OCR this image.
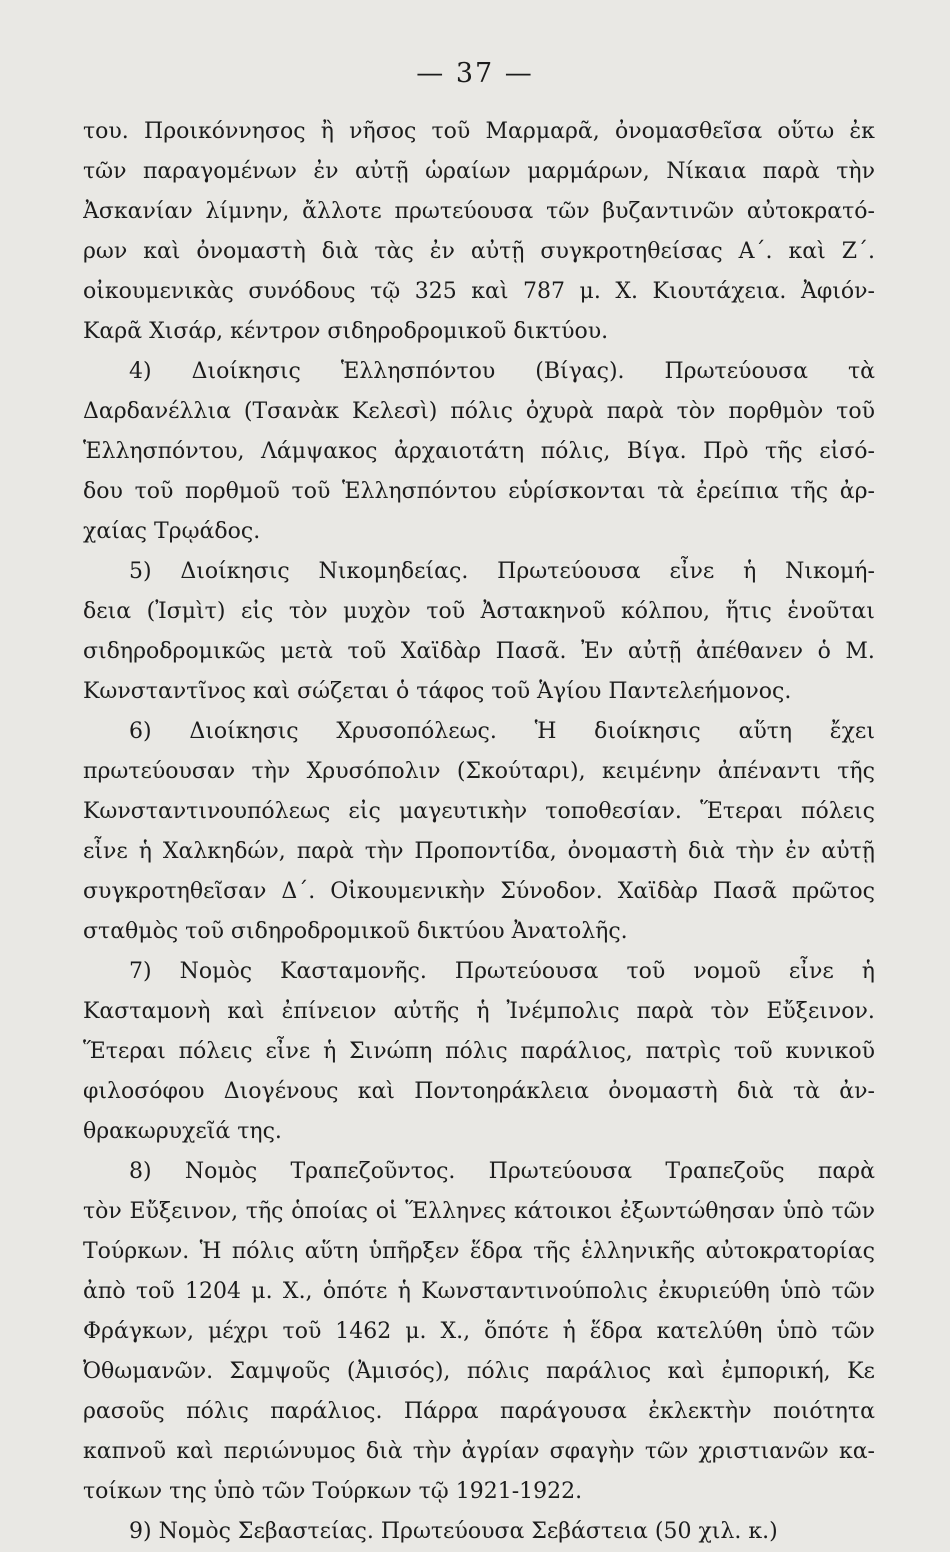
— 37 —
του. Προικόννησος ἢ νῆσος τοῦ Μαρμαρᾶ, ὀνομασθεῖσα οὕτω ἐκ
τῶν παραγομένων ἐν αὐτῇ ὡραίων μαρμάρων, Νίκαια παρὰ τὴν
Ἀσκανίαν λίμνην, ἄλλοτε πρωτεύουσα τῶν βυζαντινῶν αὐτοκρατό-
ρων καὶ ὀνομαστὴ διὰ τὰς ἐν αὐτῇ συγκροτηθείσας Α΄. καὶ Ζ΄.
οἰκουμενικὰς συνόδους τῷ 325 καὶ 787 μ. Χ. Κιουτάχεια. Ἀφιόν-
Καρᾶ Χισάρ, κέντρον σιδηροδρομικοῦ δικτύου.
4) Διοίκησις Ἑλλησπόντου (Βίγας). Πρωτεύουσα τὰ
Δαρδανέλλια (Τσανὰκ Κελεσὶ) πόλις ὀχυρὰ παρὰ τὸν πορθμὸν τοῦ
Ἑλλησπόντου, Λάμψακος ἀρχαιοτάτη πόλις, Βίγα. Πρὸ τῆς εἰσό-
δου τοῦ πορθμοῦ τοῦ Ἑλλησπόντου εὑρίσκονται τὰ ἐρείπια τῆς ἀρ-
χαίας Τρῳάδος.
5) Διοίκησις Νικομηδείας. Πρωτεύουσα εἶνε ἡ Νικομή-
δεια (Ἰσμὶτ) εἰς τὸν μυχὸν τοῦ Ἀστακηνοῦ κόλπου, ἥτις ἑνοῦται
σιδηροδρομικῶς μετὰ τοῦ Χαϊδὰρ Πασᾶ. Ἐν αὐτῇ ἀπέθανεν ὁ Μ.
Κωνσταντῖνος καὶ σώζεται ὁ τάφος τοῦ Ἁγίου Παντελεήμονος.
6) Διοίκησις Χρυσοπόλεως. Ἡ διοίκησις αὕτη ἔχει
πρωτεύουσαν τὴν Χρυσόπολιν (Σκούταρι), κειμένην ἀπέναντι τῆς
Κωνσταντινουπόλεως εἰς μαγευτικὴν τοποθεσίαν. Ἕτεραι πόλεις
εἶνε ἡ Χαλκηδών, παρὰ τὴν Προποντίδα, ὀνομαστὴ διὰ τὴν ἐν αὐτῇ
συγκροτηθεῖσαν Δ΄. Οἰκουμενικὴν Σύνοδον. Χαϊδὰρ Πασᾶ πρῶτος
σταθμὸς τοῦ σιδηροδρομικοῦ δικτύου Ἀνατολῆς.
7) Νομὸς Κασταμονῆς. Πρωτεύουσα τοῦ νομοῦ εἶνε ἡ
Κασταμονὴ καὶ ἐπίνειον αὐτῆς ἡ Ἰνέμπολις παρὰ τὸν Εὔξεινον.
Ἕτεραι πόλεις εἶνε ἡ Σινώπη πόλις παράλιος, πατρὶς τοῦ κυνικοῦ
φιλοσόφου Διογένους καὶ Ποντοηράκλεια ὀνομαστὴ διὰ τὰ ἀν-
θρακωρυχεῖά της.
8) Νομὸς Τραπεζοῦντος. Πρωτεύουσα Τραπεζοῦς παρὰ
τὸν Εὔξεινον, τῆς ὁποίας οἱ Ἕλληνες κάτοικοι ἐξωντώθησαν ὑπὸ τῶν
Τούρκων. Ἡ πόλις αὕτη ὑπῆρξεν ἕδρα τῆς ἑλληνικῆς αὐτοκρατορίας
ἀπὸ τοῦ 1204 μ. Χ., ὁπότε ἡ Κωνσταντινούπολις ἐκυριεύθη ὑπὸ τῶν
Φράγκων, μέχρι τοῦ 1462 μ. Χ., ὅπότε ἡ ἕδρα κατελύθη ὑπὸ τῶν
Ὀθωμανῶν. Σαμψοῦς (Ἀμισός), πόλις παράλιος καὶ ἐμπορική, Κε
ρασοῦς πόλις παράλιος. Πάρρα παράγουσα ἐκλεκτὴν ποιότητα
καπνοῦ καὶ περιώνυμος διὰ τὴν ἀγρίαν σφαγὴν τῶν χριστιανῶν κα-
τοίκων της ὑπὸ τῶν Τούρκων τῷ 1921-1922.
9) Νομὸς Σεβαστείας. Πρωτεύουσα Σεβάστεια (50 χιλ. κ.)
